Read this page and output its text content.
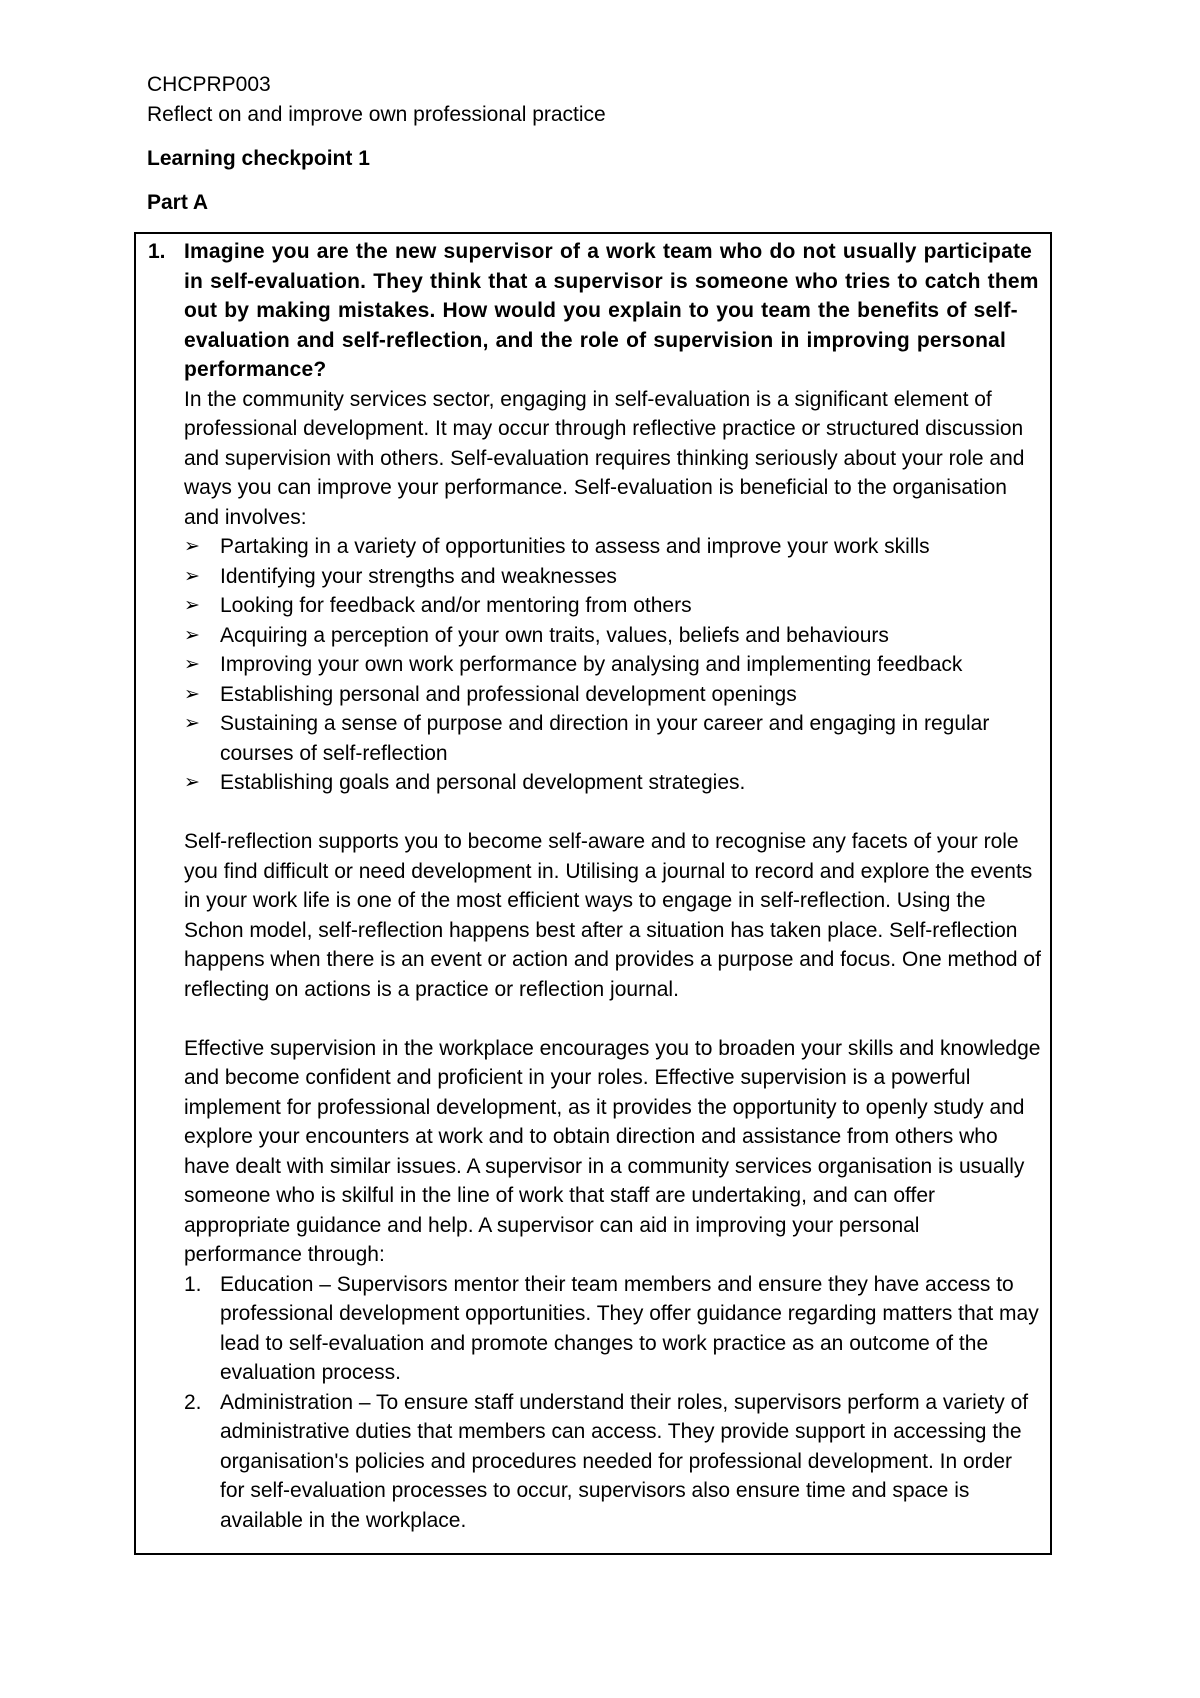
CHCPRP003
Reflect on and improve own professional practice
Learning checkpoint 1
Part A
1. Imagine you are the new supervisor of a work team who do not usually participate in self-evaluation. They think that a supervisor is someone who tries to catch them out by making mistakes. How would you explain to you team the benefits of self-evaluation and self-reflection, and the role of supervision in improving personal performance?

In the community services sector, engaging in self-evaluation is a significant element of professional development. It may occur through reflective practice or structured discussion and supervision with others. Self-evaluation requires thinking seriously about your role and ways you can improve your performance. Self-evaluation is beneficial to the organisation and involves:

➢ Partaking in a variety of opportunities to assess and improve your work skills
➢ Identifying your strengths and weaknesses
➢ Looking for feedback and/or mentoring from others
➢ Acquiring a perception of your own traits, values, beliefs and behaviours
➢ Improving your own work performance by analysing and implementing feedback
➢ Establishing personal and professional development openings
➢ Sustaining a sense of purpose and direction in your career and engaging in regular courses of self-reflection
➢ Establishing goals and personal development strategies.

Self-reflection supports you to become self-aware and to recognise any facets of your role you find difficult or need development in. Utilising a journal to record and explore the events in your work life is one of the most efficient ways to engage in self-reflection. Using the Schon model, self-reflection happens best after a situation has taken place. Self-reflection happens when there is an event or action and provides a purpose and focus. One method of reflecting on actions is a practice or reflection journal.

Effective supervision in the workplace encourages you to broaden your skills and knowledge and become confident and proficient in your roles. Effective supervision is a powerful implement for professional development, as it provides the opportunity to openly study and explore your encounters at work and to obtain direction and assistance from others who have dealt with similar issues. A supervisor in a community services organisation is usually someone who is skilful in the line of work that staff are undertaking, and can offer appropriate guidance and help. A supervisor can aid in improving your personal performance through:

1. Education – Supervisors mentor their team members and ensure they have access to professional development opportunities. They offer guidance regarding matters that may lead to self-evaluation and promote changes to work practice as an outcome of the evaluation process.
2. Administration – To ensure staff understand their roles, supervisors perform a variety of administrative duties that members can access. They provide support in accessing the organisation's policies and procedures needed for professional development. In order for self-evaluation processes to occur, supervisors also ensure time and space is available in the workplace.
